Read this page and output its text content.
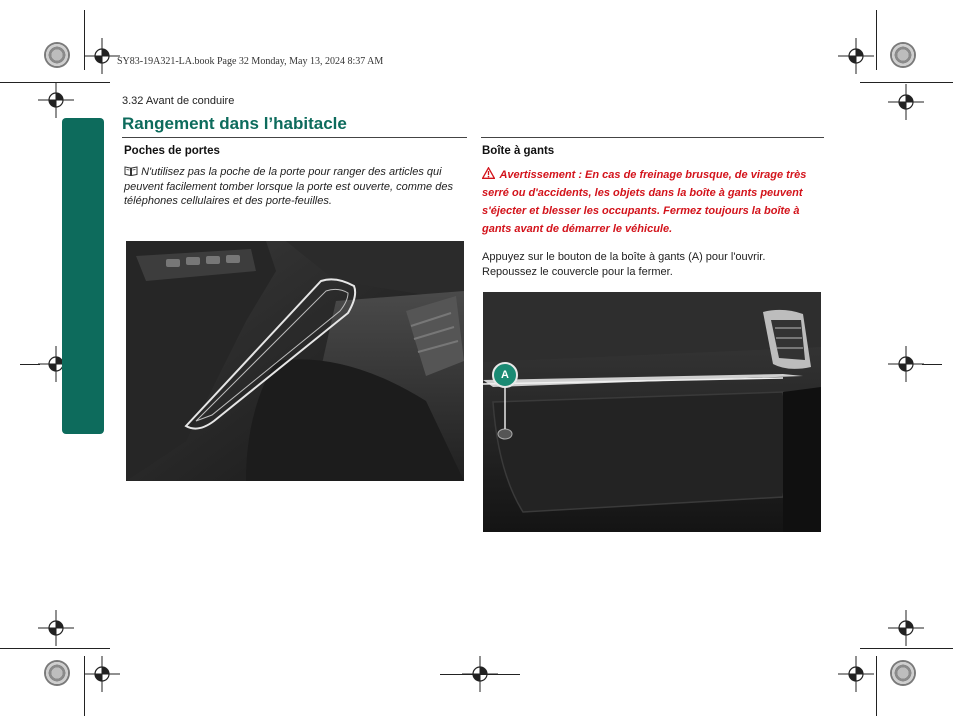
SY83-19A321-LA.book Page 32 Monday, May 13, 2024 8:37 AM
3.32 Avant de conduire
Rangement dans l’habitacle
Poches de portes
N'utilisez pas la poche de la porte pour ranger des articles qui peuvent facilement tomber lorsque la porte est ouverte, comme des téléphones cellulaires et des porte-feuilles.
Boîte à gants
Avertissement : En cas de freinage brusque, de virage très serré ou d'accidents, les objets dans la boîte à gants peuvent s'éjecter et blesser les occupants. Fermez toujours la boîte à gants avant de démarrer le véhicule.
Appuyez sur le bouton de la boîte à gants (A) pour l'ouvrir. Repoussez le couvercle pour la fermer.
A
